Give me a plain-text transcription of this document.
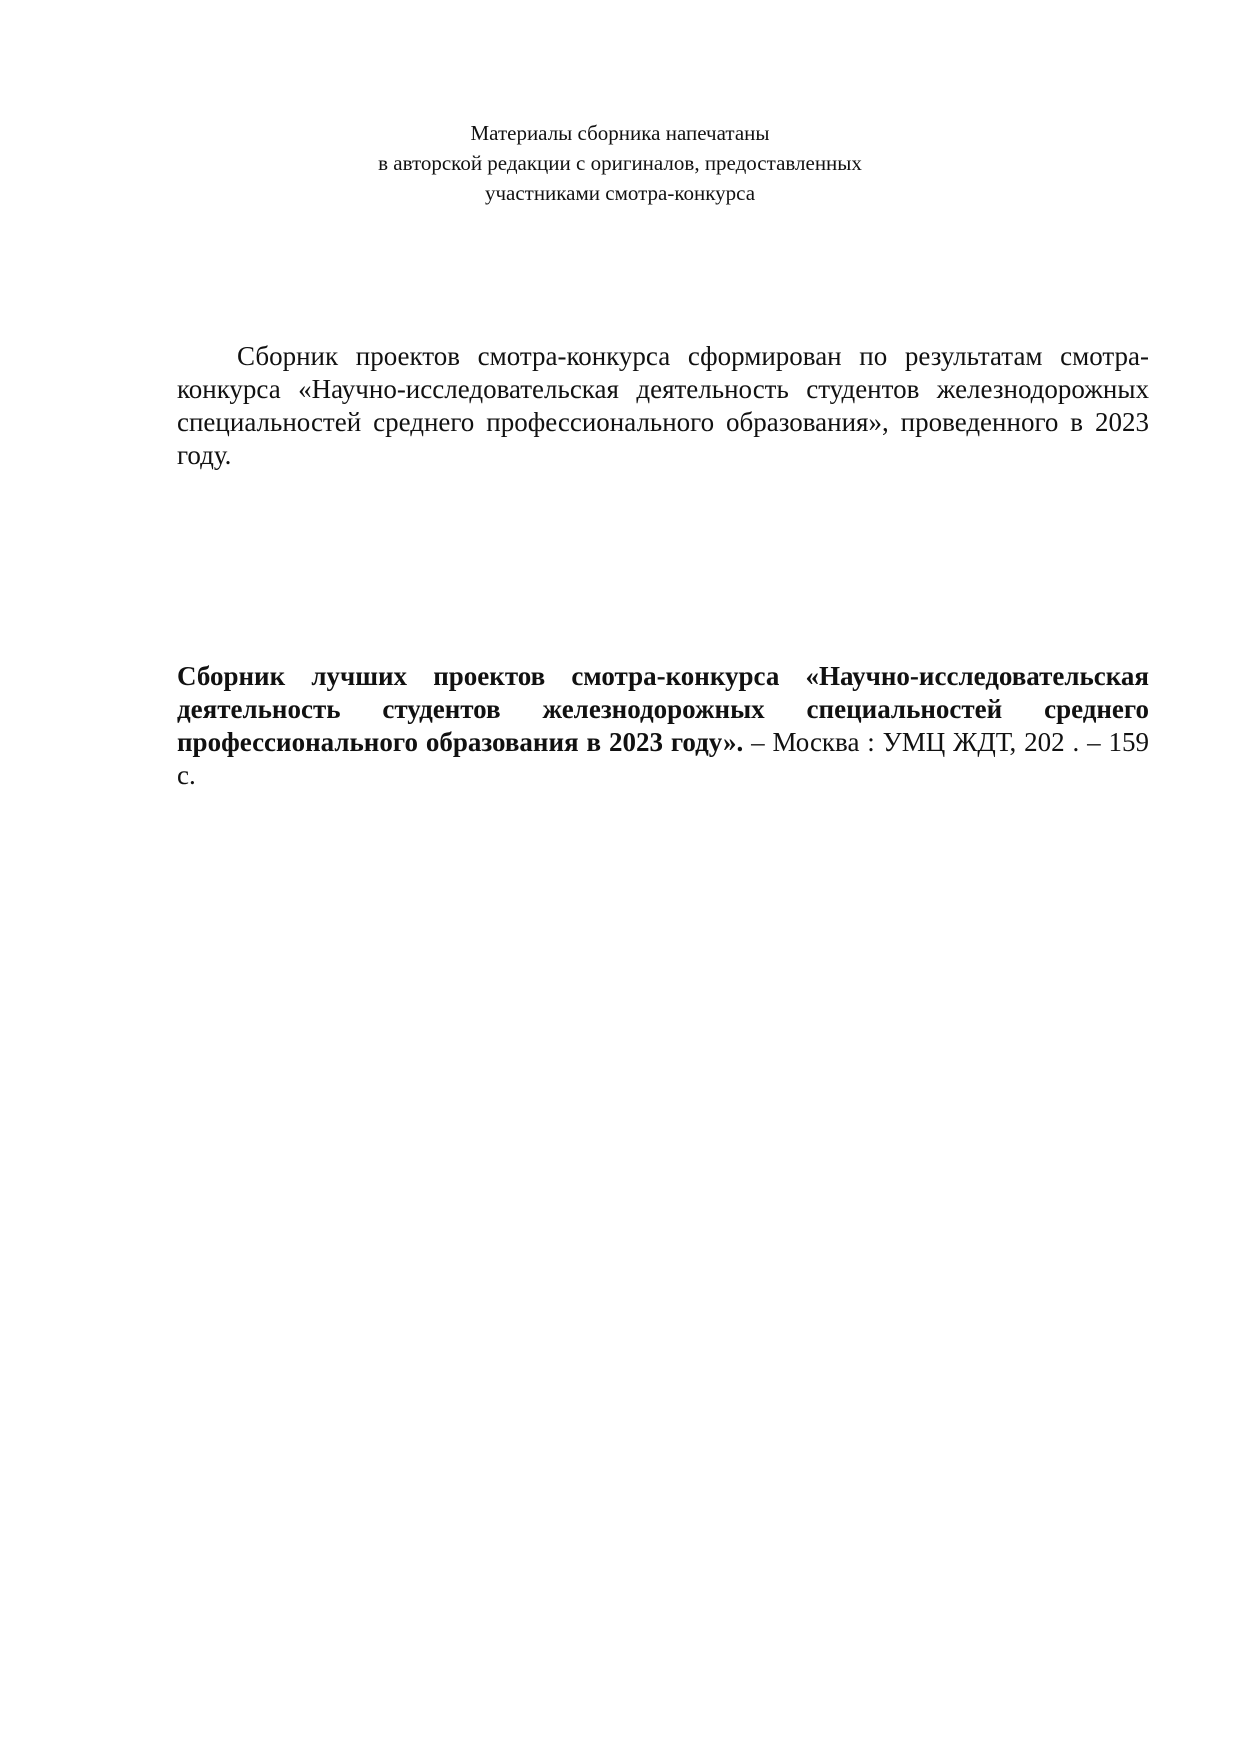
Материалы сборника напечатаны
в авторской редакции с оригиналов, предоставленных
участниками смотра-конкурса

Сборник проектов смотра-конкурса сформирован по результатам смотра-конкурса «Научно-исследовательская деятельность студентов железнодорожных специальностей среднего профессионального образования», проведенного в 2023 году.

Сборник лучших проектов смотра-конкурса «Научно-исследовательская деятельность студентов железнодорожных специальностей среднего профессионального образования в 2023 году». – Москва : УМЦ ЖДТ, 202 . – 159 с.
